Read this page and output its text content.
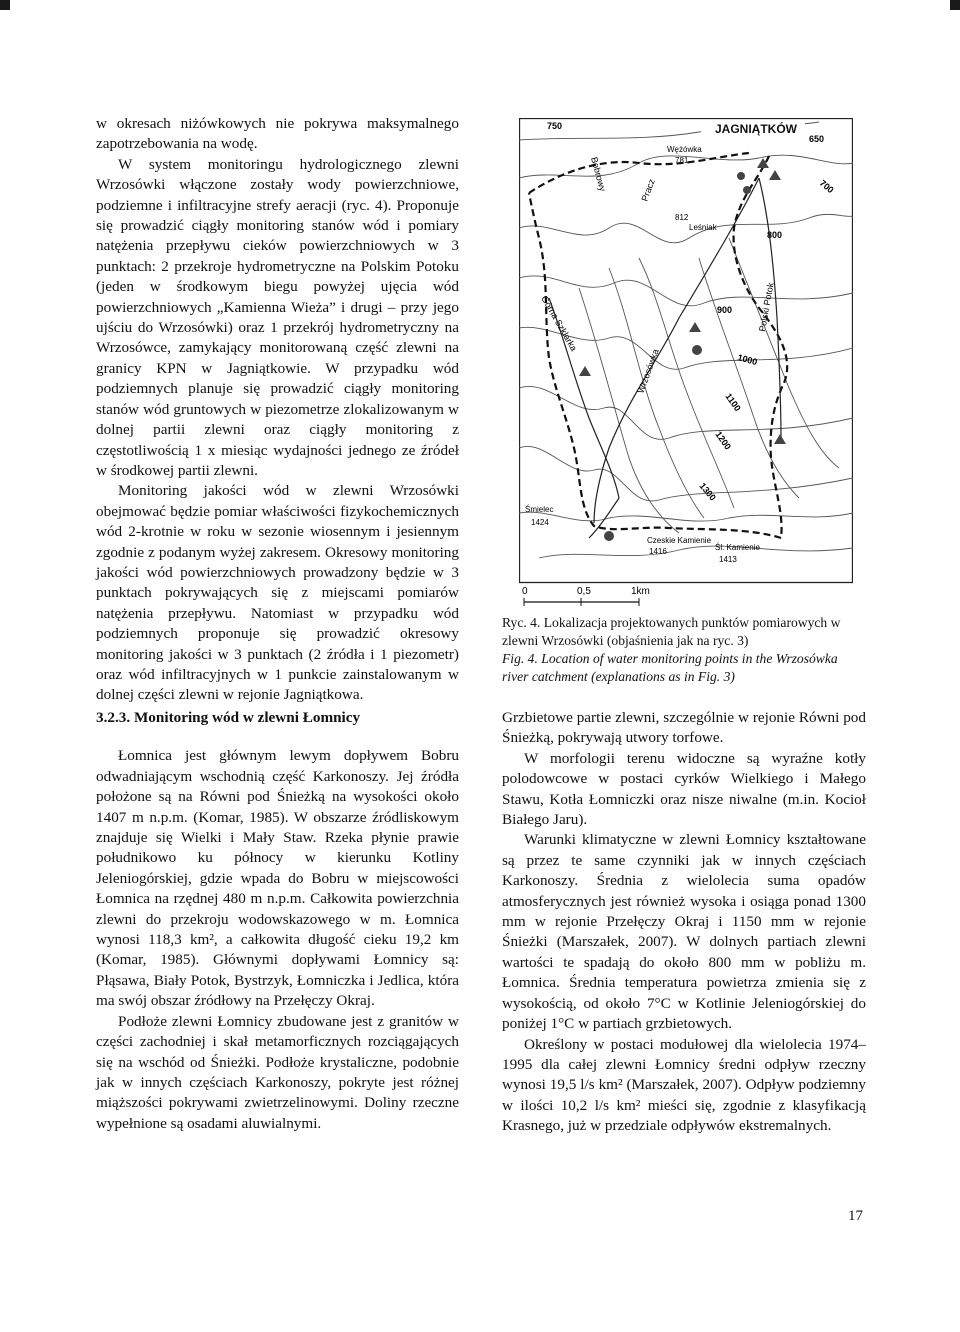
w okresach niżówkowych nie pokrywa maksymalnego zapotrzebowania na wodę.

W system monitoringu hydrologicznego zlewni Wrzosówki włączone zostały wody powierzchniowe, podziemne i infiltracyjne strefy aeracji (ryc. 4). Proponuje się prowadzić ciągły monitoring stanów wód i pomiary natężenia przepływu cieków powierzchniowych w 3 punktach: 2 przekroje hydrometryczne na Polskim Potoku (jeden w środkowym biegu powyżej ujęcia wód powierzchniowych „Kamienna Wieża” i drugi – przy jego ujściu do Wrzosówki) oraz 1 przekrój hydrometryczny na Wrzosówce, zamykający monitorowaną część zlewni na granicy KPN w Jagniątkowie. W przypadku wód podziemnych planuje się prowadzić ciągły monitoring stanów wód gruntowych w piezometrze zlokalizowanym w dolnej partii zlewni oraz ciągły monitoring z częstotliwością 1 x miesiąc wydajności jednego ze źródeł w środkowej partii zlewni.

Monitoring jakości wód w zlewni Wrzosówki obejmować będzie pomiar właściwości fizykochemicznych wód 2-krotnie w roku w sezonie wiosennym i jesiennym zgodnie z podanym wyżej zakresem. Okresowy monitoring jakości wód powierzchniowych prowadzony będzie w 3 punktach pokrywających się z miejscami pomiarów natężenia przepływu. Natomiast w przypadku wód podziemnych proponuje się prowadzić okresowy monitoring jakości w 3 punktach (2 źródła i 1 piezometr) oraz wód infiltracyjnych w 1 punkcie zainstalowanym w dolnej części zlewni w rejonie Jagniątkowa.

JAGNIĄTKÓW
750
650
700
800
900
1000
1100
1200
1300
Wężówka
781
812
Leśniak
Polski Potok
Górna Szklarka
Wrzosówka
Pracz
Bobrowy
Śmielec
1424
Czeskie Kamienie
1416	Śl. Kamienie
1413
0	0,5	1km
Ryc. 4. Lokalizacja projektowanych punktów pomiarowych w zlewni Wrzosówki (objaśnienia jak na ryc. 3)
Fig. 4. Location of water monitoring points in the Wrzosówka river catchment (explanations as in Fig. 3)

3.2.3. Monitoring wód w zlewni Łomnicy

Łomnica jest głównym lewym dopływem Bobru odwadniającym wschodnią część Karkonoszy. Jej źródła położone są na Równi pod Śnieżką na wysokości około 1407 m n.p.m. (Komar, 1985). W obszarze źródliskowym znajduje się Wielki i Mały Staw. Rzeka płynie prawie południkowo ku północy w kierunku Kotliny Jeleniogórskiej, gdzie wpada do Bobru w miejscowości Łomnica na rzędnej 480 m n.p.m. Całkowita powierzchnia zlewni do przekroju wodowskazowego w m. Łomnica wynosi 118,3 km², a całkowita długość cieku 19,2 km (Komar, 1985). Głównymi dopływami Łomnicy są: Płąsawa, Biały Potok, Bystrzyk, Łomniczka i Jedlica, która ma swój obszar źródłowy na Przełęczy Okraj.

Podłoże zlewni Łomnicy zbudowane jest z granitów w części zachodniej i skał metamorficznych rozciągających się na wschód od Śnieżki. Podłoże krystaliczne, podobnie jak w innych częściach Karkonoszy, pokryte jest różnej miąższości pokrywami zwietrzelinowymi. Doliny rzeczne wypełnione są osadami aluwialnymi.

Grzbietowe partie zlewni, szczególnie w rejonie Równi pod Śnieżką, pokrywają utwory torfowe.

W morfologii terenu widoczne są wyraźne kotły polodowcowe w postaci cyrków Wielkiego i Małego Stawu, Kotła Łomniczki oraz nisze niwalne (m.in. Kocioł Białego Jaru).

Warunki klimatyczne w zlewni Łomnicy kształtowane są przez te same czynniki jak w innych częściach Karkonoszy. Średnia z wielolecia suma opadów atmosferycznych jest również wysoka i osiąga ponad 1300 mm w rejonie Przełęczy Okraj i 1150 mm w rejonie Śnieżki (Marszałek, 2007). W dolnych partiach zlewni wartości te spadają do około 800 mm w pobliżu m. Łomnica. Średnia temperatura powietrza zmienia się z wysokością, od około 7°C w Kotlinie Jeleniogórskiej do poniżej 1°C w partiach grzbietowych.

Określony w postaci modułowej dla wielolecia 1974–1995 dla całej zlewni Łomnicy średni odpływ rzeczny wynosi 19,5 l/s km² (Marszałek, 2007). Odpływ podziemny w ilości 10,2 l/s km² mieści się, zgodnie z klasyfikacją Krasnego, już w przedziale odpływów ekstremalnych.

17
